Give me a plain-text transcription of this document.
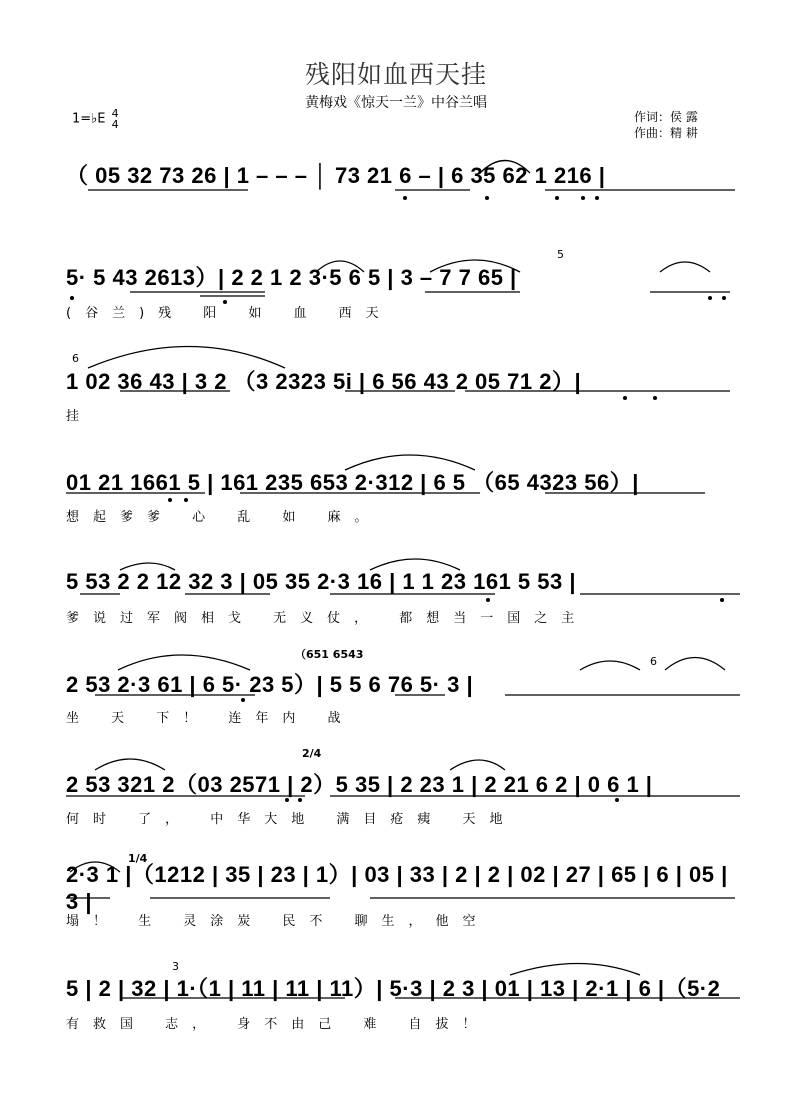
残阳如血西天挂
黄梅戏《惊天一兰》中谷兰唱
作词：侯 露
作曲：精 耕
1=♭E 4
4
（ 05 32 73 26 | 1 – – – │ 73 21 6 – | 6 35 62 1 216 |
5· 5 43 2613）| 2 2 1 2 3·5 6 5 | 3 – 7 7 65 |
(谷兰)残 阳 如 血 西天
1 02 36 43 | 3 2 （3 2323 5i | 6 56 43 2 05 71 2）|
挂
01 21 1661 5 | 161 235 653 2·312 | 6 5 （65 4323 56）|
想起爹爹 心 乱 如 麻。
5 53 2 2 12 32 3 | 05 35 2·3 16 | 1 1 23 161 5 53 |
爹说过军阀相戈 无义仗， 都想当一国之主
（651 6543
2 53 2·3 61 | 6 5· 23 5）| 5 5 6 76 5· 3 |
坐 天 下！ 连年内 战
2/4
2 53 321 2（03 2571 | 2）5 35 | 2 23 1 | 2 21 6 2 | 0 6 1 |
何时 了， 中华大地 满目疮痍 天地
1/4
2·3 1 |（1212 | 35 | 23 | 1）| 03 | 33 | 2 | 2 | 02 | 27 | 65 | 6 | 05 | 3 |
塌！ 生 灵涂炭 民不 聊生，他空
5 | 2 | 32 | 1·（1 | 11 | 11 | 11）| 5·3 | 2 3 | 01 | 13 | 2·1 | 6 |（5·2
有救国 志， 身不由己 难 自拔！
5
6
6
3
